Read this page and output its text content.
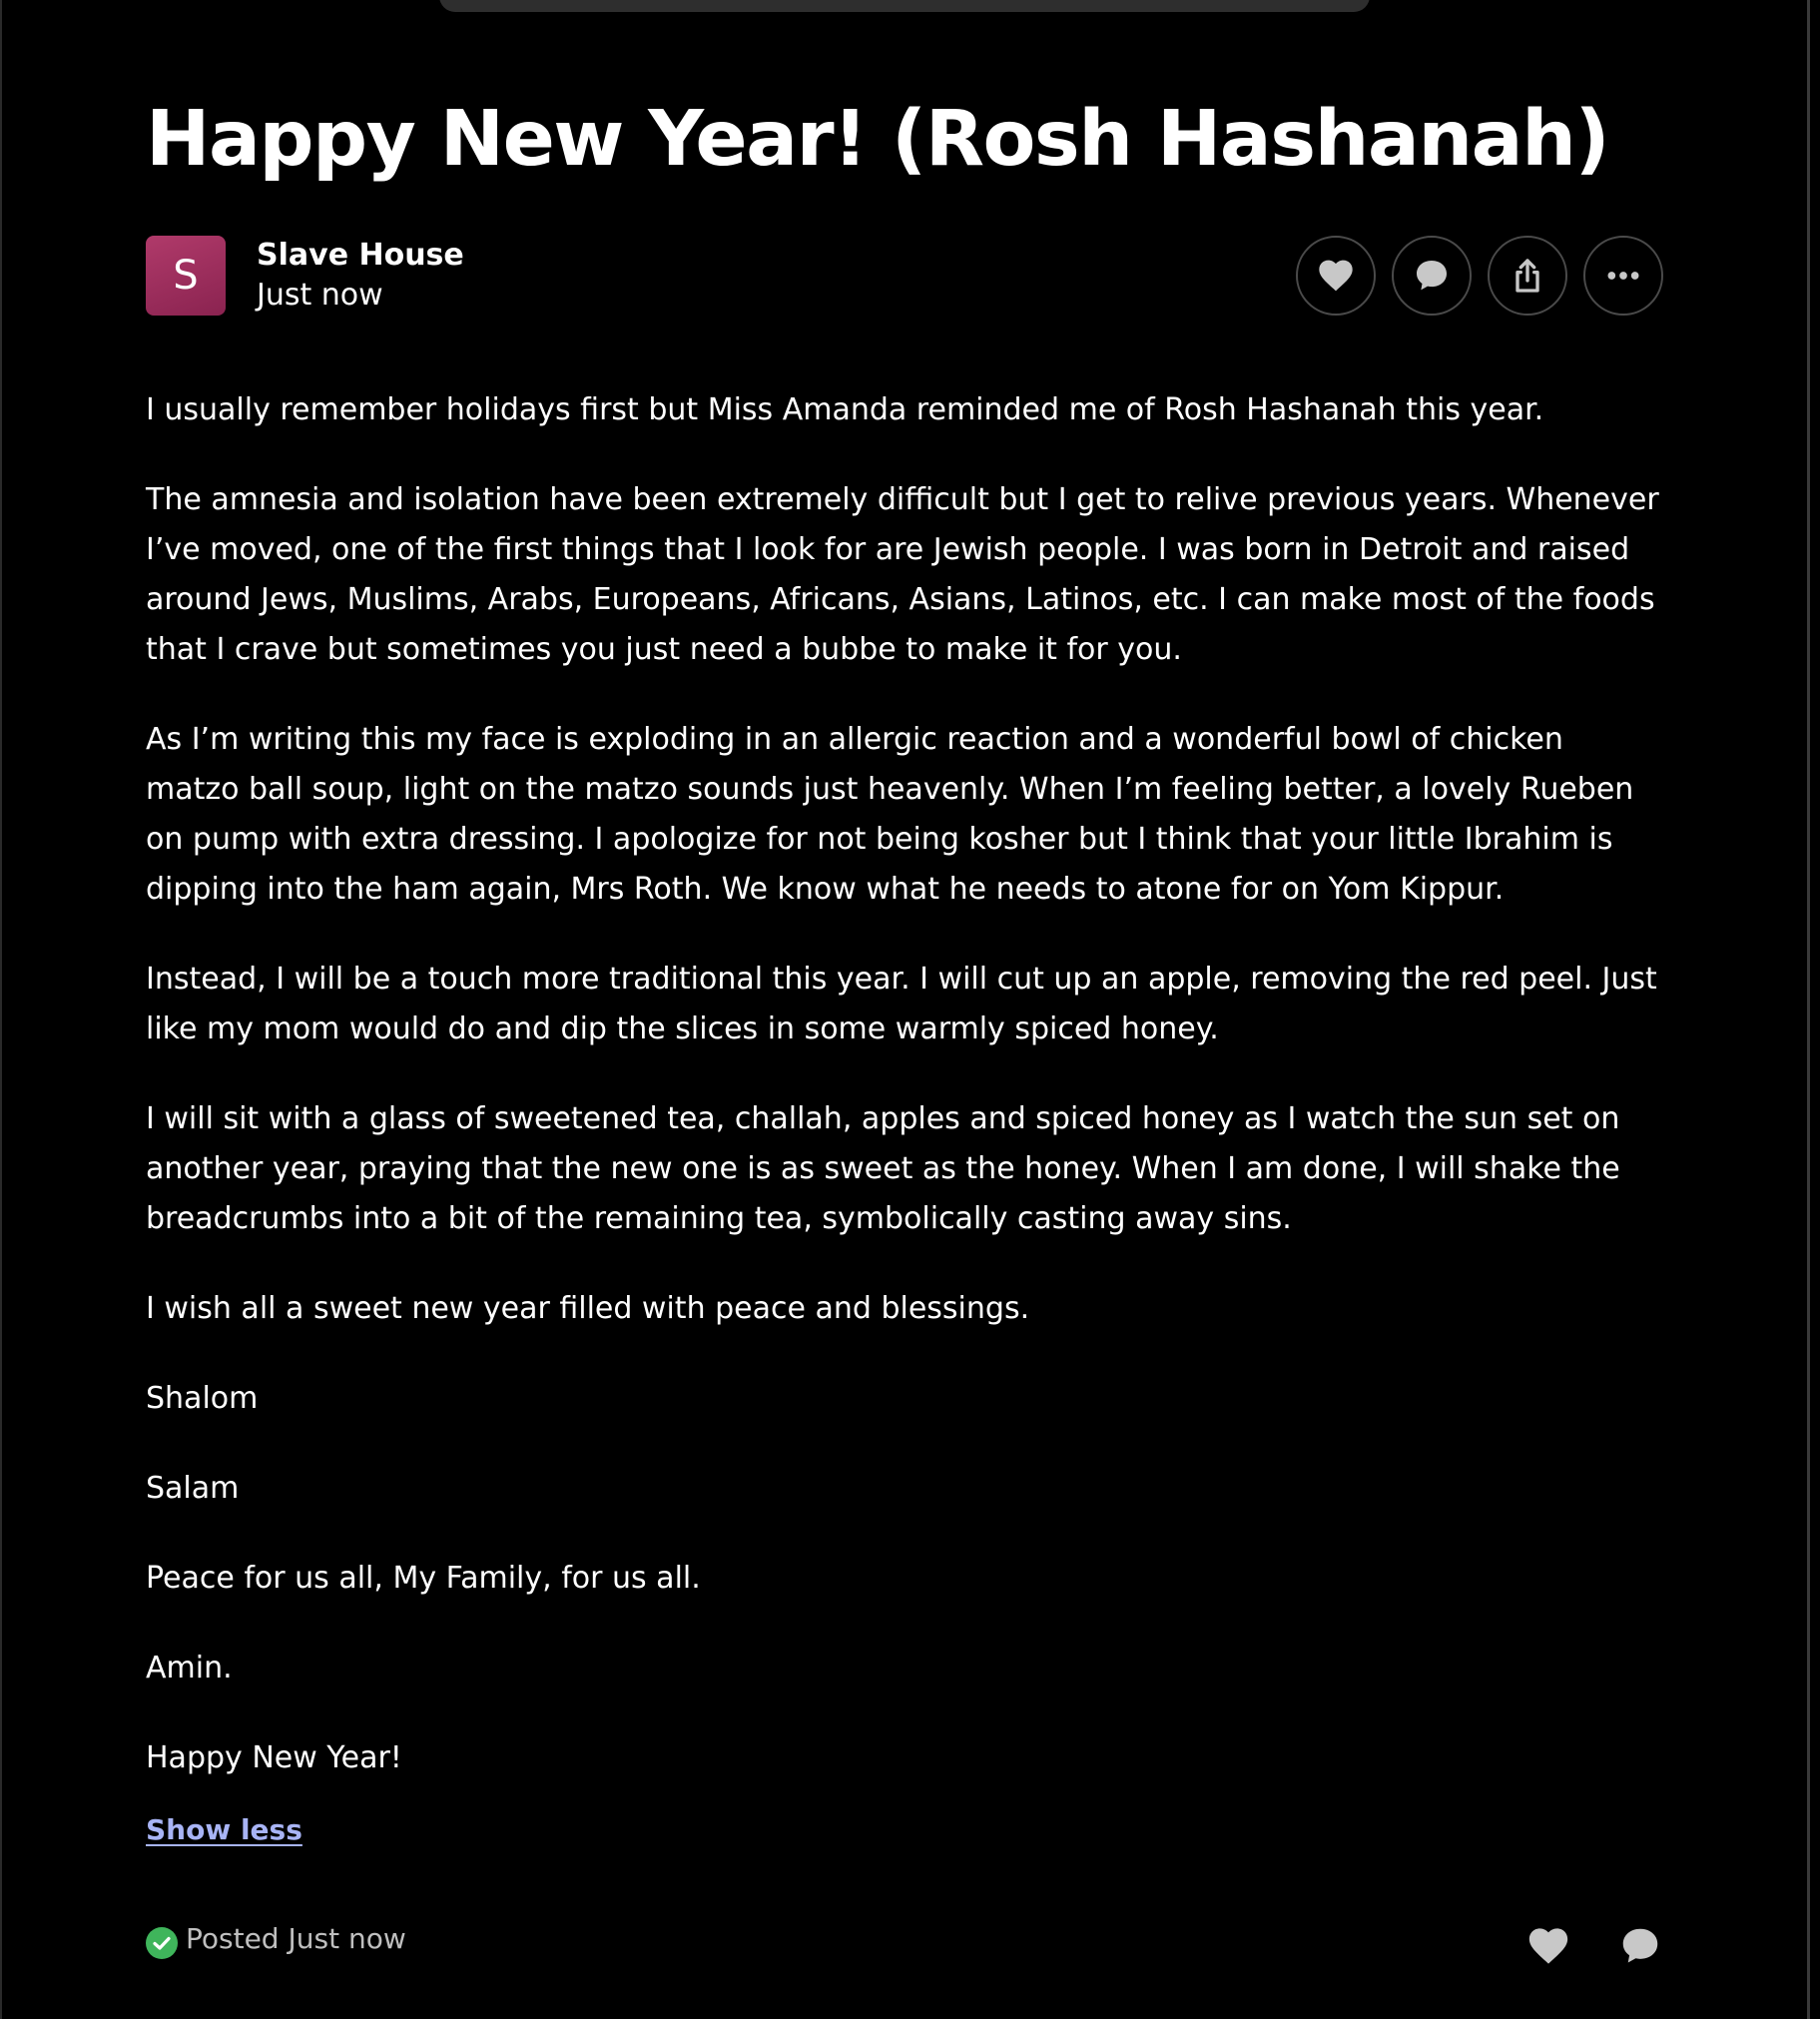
Happy New Year! (Rosh Hashanah)
S	Slave House
Just now

I usually remember holidays first but Miss Amanda reminded me of Rosh Hashanah this year.

The amnesia and isolation have been extremely difficult but I get to relive previous years. Whenever I’ve moved, one of the first things that I look for are Jewish people. I was born in Detroit and raised around Jews, Muslims, Arabs, Europeans, Africans, Asians, Latinos, etc. I can make most of the foods that I crave but sometimes you just need a bubbe to make it for you.

As I’m writing this my face is exploding in an allergic reaction and a wonderful bowl of chicken matzo ball soup, light on the matzo sounds just heavenly. When I’m feeling better, a lovely Rueben on pump with extra dressing. I apologize for not being kosher but I think that your little Ibrahim is dipping into the ham again, Mrs Roth. We know what he needs to atone for on Yom Kippur.

Instead, I will be a touch more traditional this year. I will cut up an apple, removing the red peel. Just like my mom would do and dip the slices in some warmly spiced honey.

I will sit with a glass of sweetened tea, challah, apples and spiced honey as I watch the sun set on another year, praying that the new one is as sweet as the honey. When I am done, I will shake the breadcrumbs into a bit of the remaining tea, symbolically casting away sins.

I wish all a sweet new year filled with peace and blessings.

Shalom

Salam

Peace for us all, My Family, for us all.

Amin.

Happy New Year!

Show less
Posted Just now
